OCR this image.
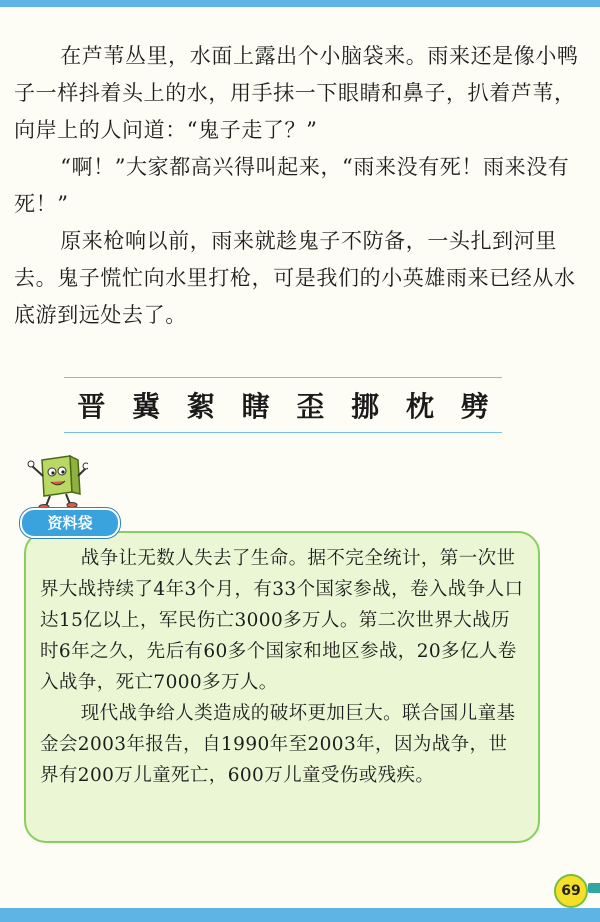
在芦苇丛里，水面上露出个小脑袋来。雨来还是像小鸭子一样抖着头上的水，用手抹一下眼睛和鼻子，扒着芦苇，向岸上的人问道：“鬼子走了？”

“啊！”大家都高兴得叫起来，“雨来没有死！雨来没有死！”

原来枪响以前，雨来就趁鬼子不防备，一头扎到河里去。鬼子慌忙向水里打枪，可是我们的小英雄雨来已经从水底游到远处去了。

晋 冀 絮 瞎 歪 挪 枕 劈

战争让无数人失去了生命。据不完全统计，第一次世界大战持续了4年3个月，有33个国家参战，卷入战争人口达15亿以上，军民伤亡3000多万人。第二次世界大战历时6年之久，先后有60多个国家和地区参战，20多亿人卷入战争，死亡7000多万人。

现代战争给人类造成的破坏更加巨大。联合国儿童基金会2003年报告，自1990年至2003年，因为战争，世界有200万儿童死亡，600万儿童受伤或残疾。

资料袋
69
